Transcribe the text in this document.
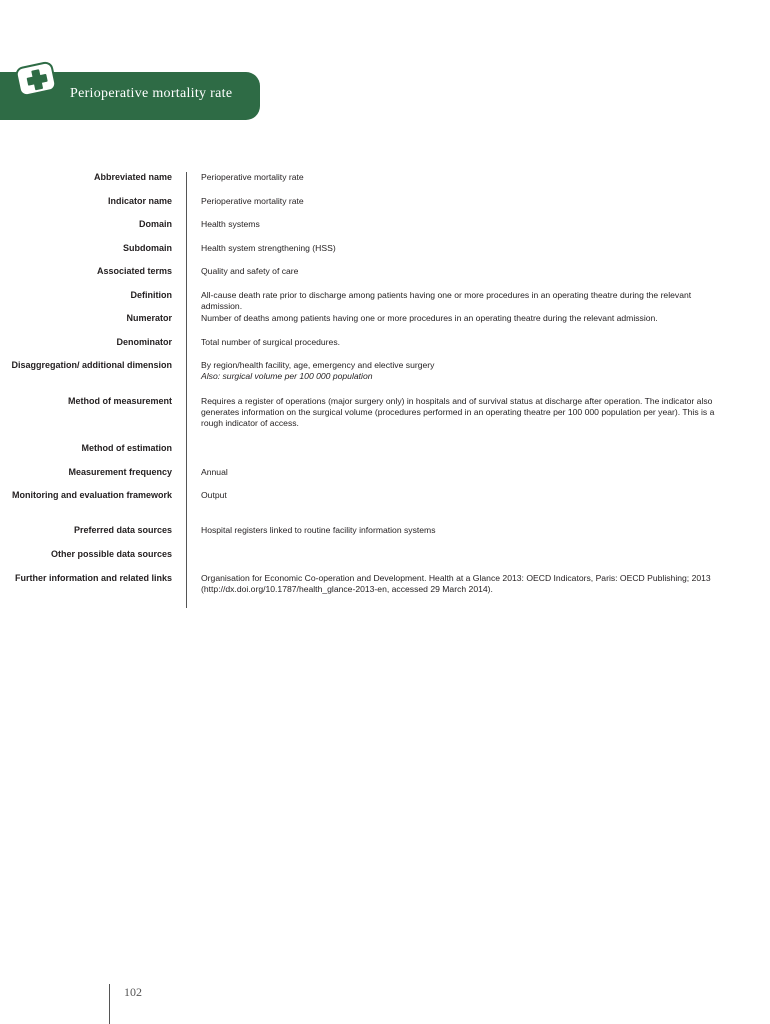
Perioperative mortality rate
Abbreviated name	Perioperative mortality rate
Indicator name	Perioperative mortality rate
Domain	Health systems
Subdomain	Health system strengthening (HSS)
Associated terms	Quality and safety of care
Definition	All-cause death rate prior to discharge among patients having one or more procedures in an operating theatre during the relevant admission.
Numerator	Number of deaths among patients having one or more procedures in an operating theatre during the relevant admission.
Denominator	Total number of surgical procedures.
Disaggregation/ additional dimension	By region/health facility, age, emergency and elective surgery
Also: surgical volume per 100 000 population
Method of measurement	Requires a register of operations (major surgery only) in hospitals and of survival status at discharge after operation. The indicator also generates information on the surgical volume (procedures performed in an operating theatre per 100 000 population per year). This is a rough indicator of access.
Method of estimation
Measurement frequency	Annual
Monitoring and evaluation framework	Output
Preferred data sources	Hospital registers linked to routine facility information systems
Other possible data sources
Further information and related links	Organisation for Economic Co-operation and Development. Health at a Glance 2013: OECD Indicators, Paris: OECD Publishing; 2013 (http://dx.doi.org/10.1787/health_glance-2013-en, accessed 29 March 2014).
102
